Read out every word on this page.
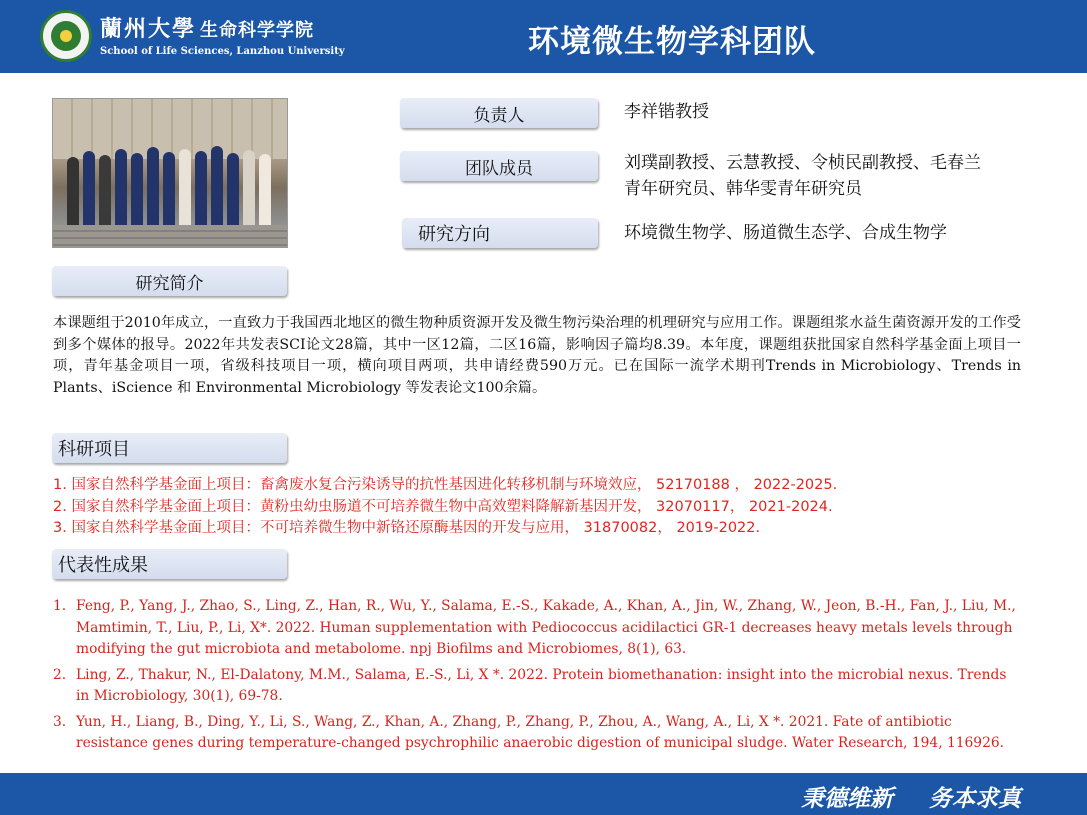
蘭州大學 生命科学学院
School of Life Sciences, Lanzhou University	环境微生物学科团队
负责人	李祥锴教授
团队成员	刘璞副教授、云慧教授、令桢民副教授、毛春兰青年研究员、韩华雯青年研究员
研究方向	环境微生物学、肠道微生态学、合成生物学
研究简介

本课题组于2010年成立，一直致力于我国西北地区的微生物种质资源开发及微生物污染治理的机理研究与应用工作。课题组浆水益生菌资源开发的工作受到多个媒体的报导。2022年共发表SCI论文28篇，其中一区12篇，二区16篇，影响因子篇均8.39。本年度，课题组获批国家自然科学基金面上项目一项，青年基金项目一项，省级科技项目一项，横向项目两项，共申请经费590万元。已在国际一流学术期刊Trends in Microbiology、Trends in Plants、iScience 和 Environmental Microbiology 等发表论文100余篇。

科研项目
1. 国家自然科学基金面上项目：畜禽废水复合污染诱导的抗性基因进化转移机制与环境效应， 52170188 ， 2022-2025.
2. 国家自然科学基金面上项目：黄粉虫幼虫肠道不可培养微生物中高效塑料降解新基因开发， 32070117， 2021-2024.
3. 国家自然科学基金面上项目：不可培养微生物中新铬还原酶基因的开发与应用， 31870082， 2019-2022.
代表性成果
1. Feng, P., Yang, J., Zhao, S., Ling, Z., Han, R., Wu, Y., Salama, E.-S., Kakade, A., Khan, A., Jin, W., Zhang, W., Jeon, B.-H., Fan, J., Liu, M., Mamtimin, T., Liu, P., Li, X*. 2022. Human supplementation with Pediococcus acidilactici GR-1 decreases heavy metals levels through modifying the gut microbiota and metabolome. npj Biofilms and Microbiomes, 8(1), 63.
2. Ling, Z., Thakur, N., El-Dalatony, M.M., Salama, E.-S., Li, X *. 2022. Protein biomethanation: insight into the microbial nexus. Trends in Microbiology, 30(1), 69-78.
3. Yun, H., Liang, B., Ding, Y., Li, S., Wang, Z., Khan, A., Zhang, P., Zhang, P., Zhou, A., Wang, A., Li, X *. 2021. Fate of antibiotic resistance genes during temperature-changed psychrophilic anaerobic digestion of municipal sludge. Water Research, 194, 116926.
秉德维新 务本求真
